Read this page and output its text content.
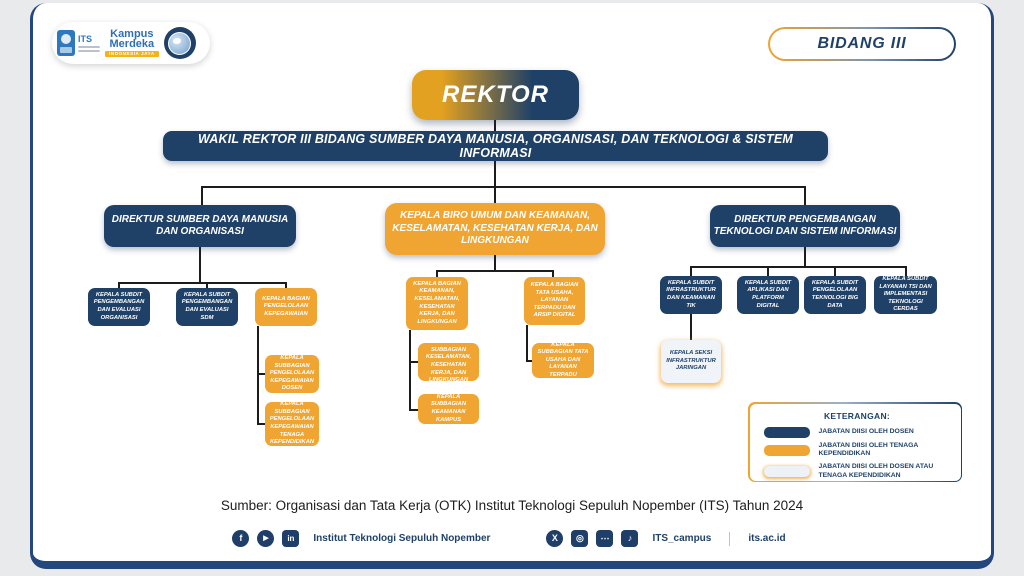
ITS	Kampus
Merdeka
INDONESIA JAYA
BIDANG III
REKTOR
WAKIL REKTOR III BIDANG SUMBER DAYA MANUSIA, ORGANISASI, DAN TEKNOLOGI & SISTEM INFORMASI
DIREKTUR SUMBER DAYA MANUSIA DAN ORGANISASI
KEPALA BIRO UMUM DAN KEAMANAN, KESELAMATAN, KESEHATAN KERJA, DAN LINGKUNGAN
DIREKTUR PENGEMBANGAN TEKNOLOGI DAN SISTEM INFORMASI
KEPALA SUBDIT PENGEMBANGAN DAN EVALUASI ORGANISASI
KEPALA SUBDIT PENGEMBANGAN DAN EVALUASI SDM
KEPALA BAGIAN PENGELOLAAN KEPEGAWAIAN
KEPALA SUBBAGIAN PENGELOLAAN KEPEGAWAIAN DOSEN
KEPALA SUBBAGIAN PENGELOLAAN KEPEGAWAIAN TENAGA KEPENDIDIKAN
KEPALA BAGIAN KEAMANAN, KESELAMATAN, KESEHATAN KERJA, DAN LINGKUNGAN
KEPALA BAGIAN TATA USAHA, LAYANAN TERPADU DAN ARSIP DIGITAL
KEPALA SUBBAGIAN KESELAMATAN, KESEHATAN KERJA, DAN LINGKUNGAN
KEPALA SUBBAGIAN KEAMANAN KAMPUS
KEPALA SUBBAGIAN TATA USAHA DAN LAYANAN TERPADU
KEPALA SUBDIT INFRASTRUKTUR DAN KEAMANAN TIK
KEPALA SUBDIT APLIKASI DAN PLATFORM DIGITAL
KEPALA SUBDIT PENGELOLAAN TEKNOLOGI BIG DATA
KEPALA SUBDIT LAYANAN TSI DAN IMPLEMENTASI TEKNOLOGI CERDAS
KEPALA SEKSI INFRASTRUKTUR JARINGAN
KETERANGAN:
JABATAN DIISI OLEH DOSEN
JABATAN DIISI OLEH TENAGA KEPENDIDIKAN
JABATAN DIISI OLEH DOSEN ATAU TENAGA KEPENDIDIKAN
Sumber: Organisasi dan Tata Kerja (OTK) Institut Teknologi Sepuluh Nopember (ITS) Tahun 2024
f	▶	in	Institut Teknologi Sepuluh Nopember	X	◎	⋯	♪	ITS_campus	its.ac.id
